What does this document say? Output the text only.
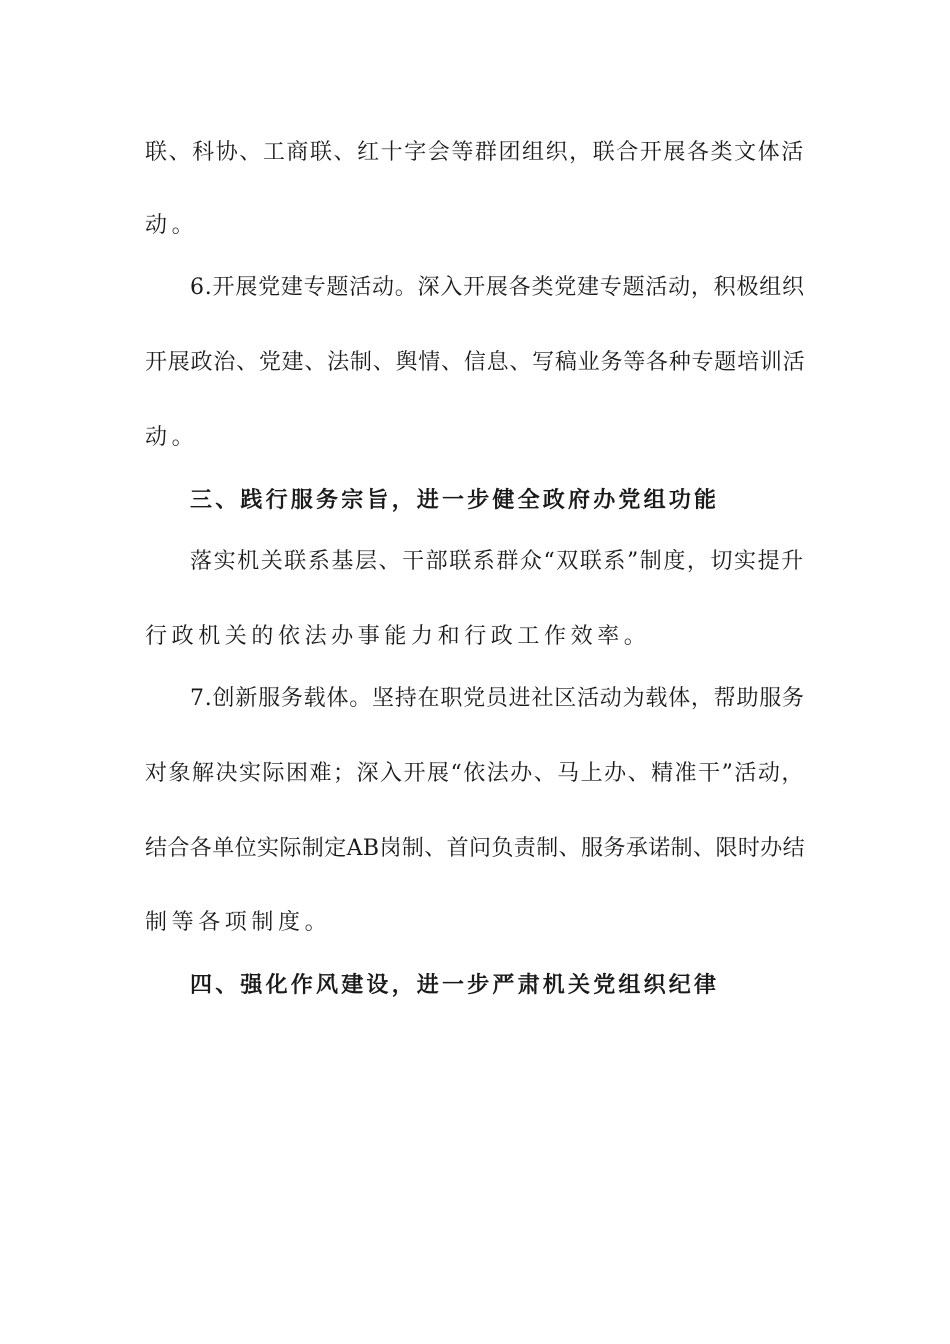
联、科协、工商联、红十字会等群团组织，联合开展各类文体活
动。
6.开展党建专题活动。深入开展各类党建专题活动，积极组织
开展政治、党建、法制、舆情、信息、写稿业务等各种专题培训活
动。
三、践行服务宗旨，进一步健全政府办党组功能
落实机关联系基层、干部联系群众“双联系”制度，切实提升
行政机关的依法办事能力和行政工作效率。
7.创新服务载体。坚持在职党员进社区活动为载体，帮助服务
对象解决实际困难；深入开展“依法办、马上办、精准干”活动，
结合各单位实际制定AB岗制、首问负责制、服务承诺制、限时办结
制等各项制度。
四、强化作风建设，进一步严肃机关党组织纪律
